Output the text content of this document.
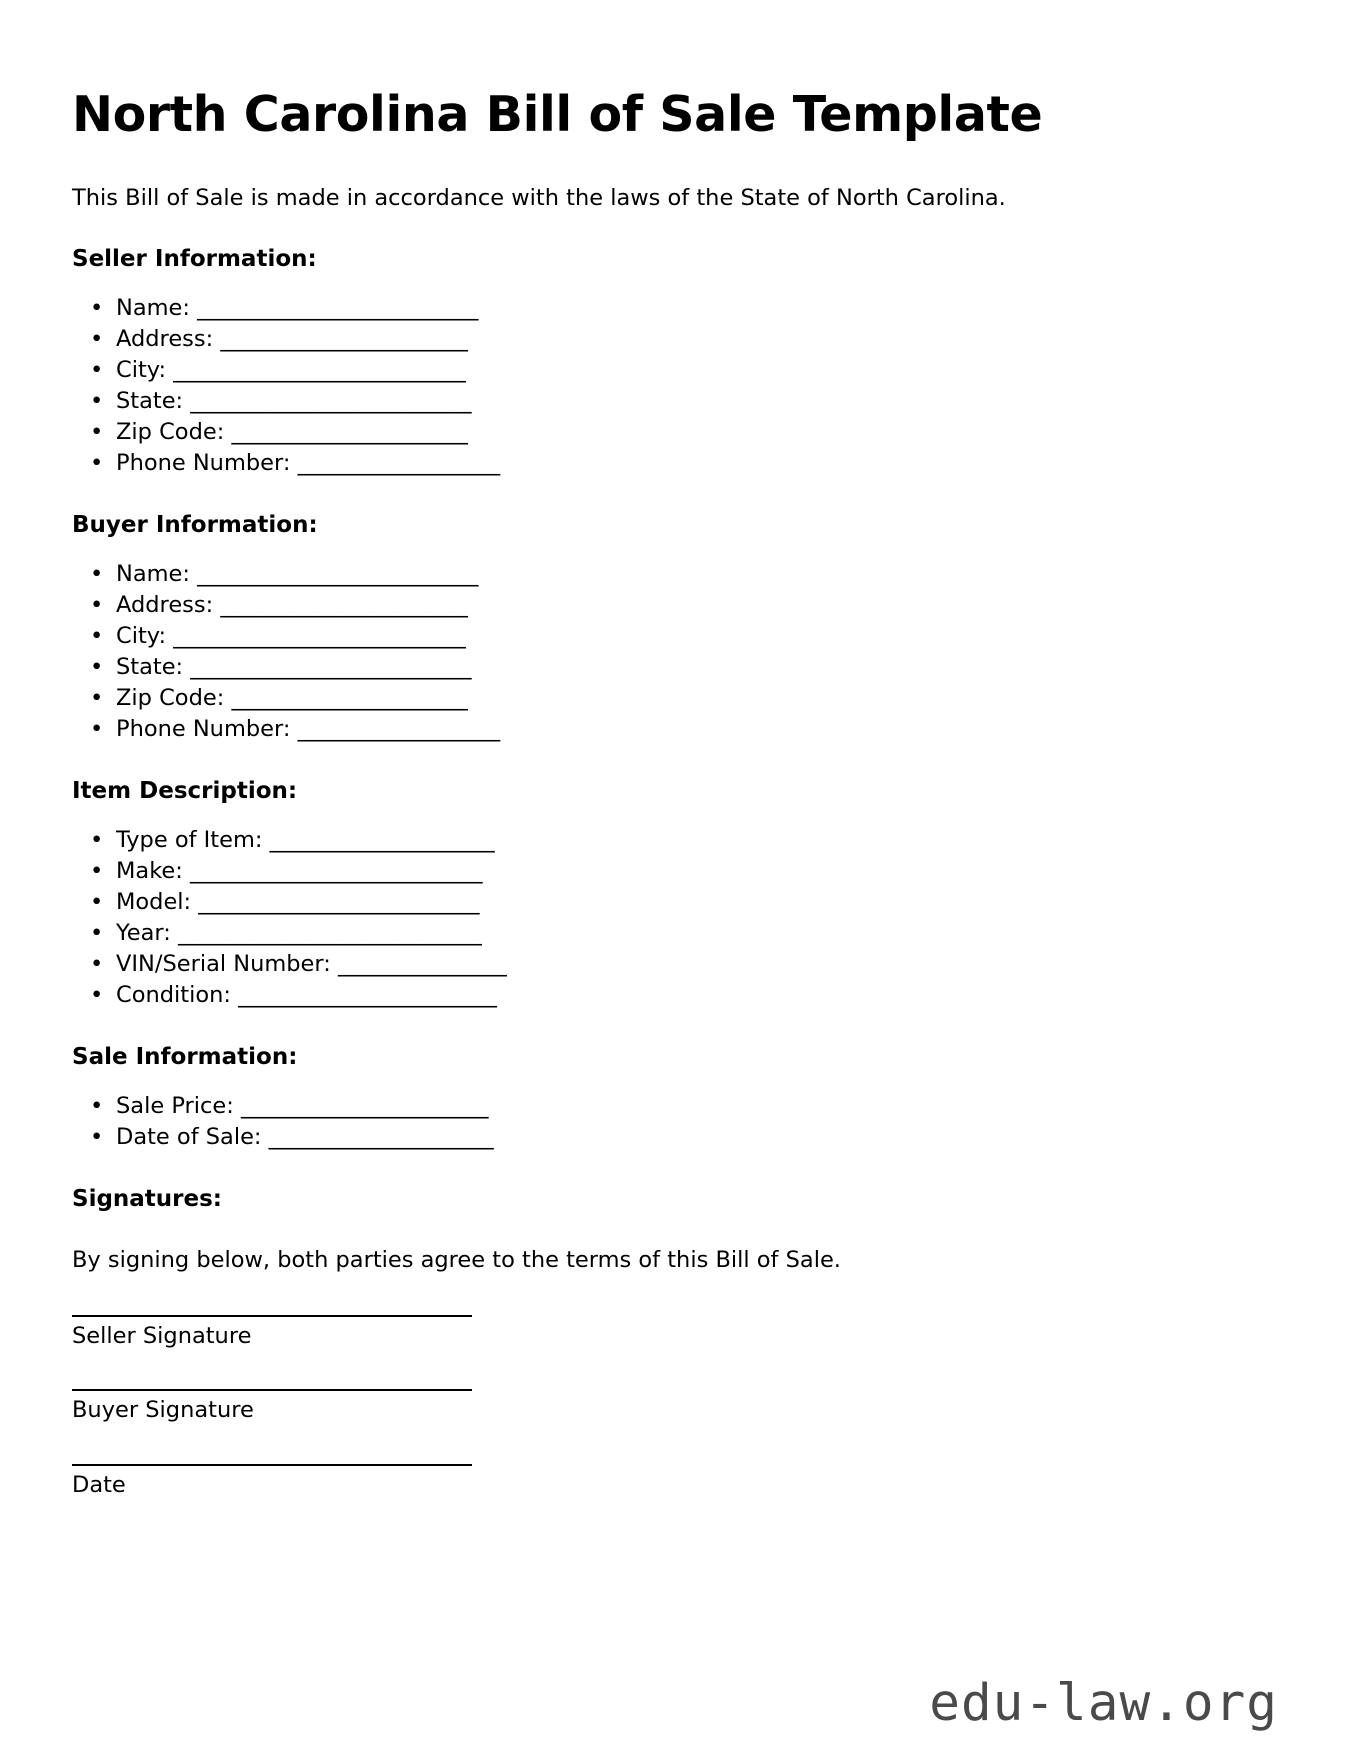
North Carolina Bill of Sale Template

This Bill of Sale is made in accordance with the laws of the State of North Carolina.

Seller Information:
• Name: _________________________
• Address: ______________________
• City: __________________________
• State: _________________________
• Zip Code: _____________________
• Phone Number: __________________
Buyer Information:
• Name: _________________________
• Address: ______________________
• City: __________________________
• State: _________________________
• Zip Code: _____________________
• Phone Number: __________________
Item Description:
• Type of Item: ____________________
• Make: __________________________
• Model: _________________________
• Year: ___________________________
• VIN/Serial Number: _______________
• Condition: _______________________
Sale Information:
• Sale Price: ______________________
• Date of Sale: ____________________
Signatures:

By signing below, both parties agree to the terms of this Bill of Sale.

Seller Signature
Buyer Signature
Date
edu-law.org
